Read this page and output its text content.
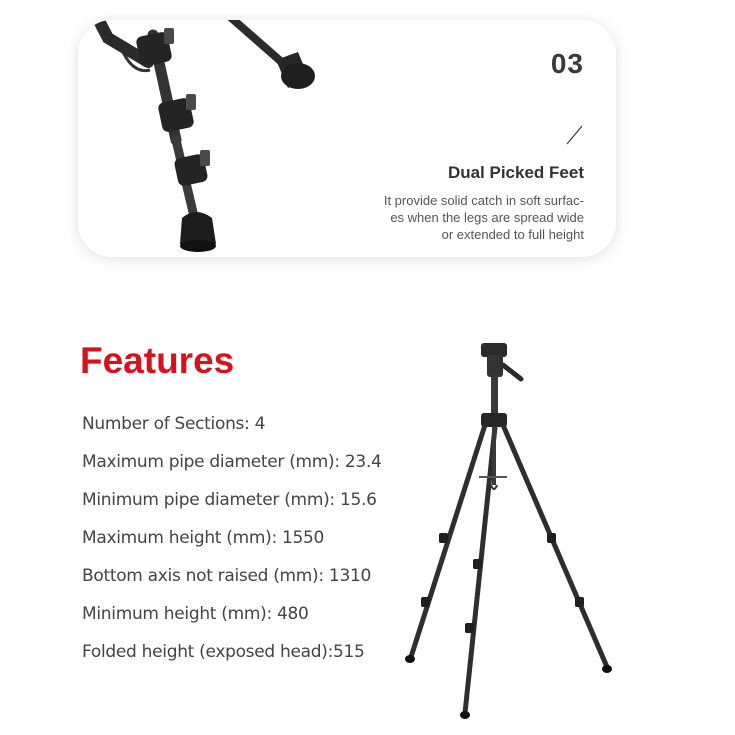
03
Dual Picked Feet
It provide solid catch in soft surfac-
es when the legs are spread wide
or extended to full height
Features
Number of Sections: 4
Maximum pipe diameter (mm): 23.4
Minimum pipe diameter (mm): 15.6
Maximum height (mm): 1550
Bottom axis not raised (mm): 1310
Minimum height (mm): 480
Folded height (exposed head):515
